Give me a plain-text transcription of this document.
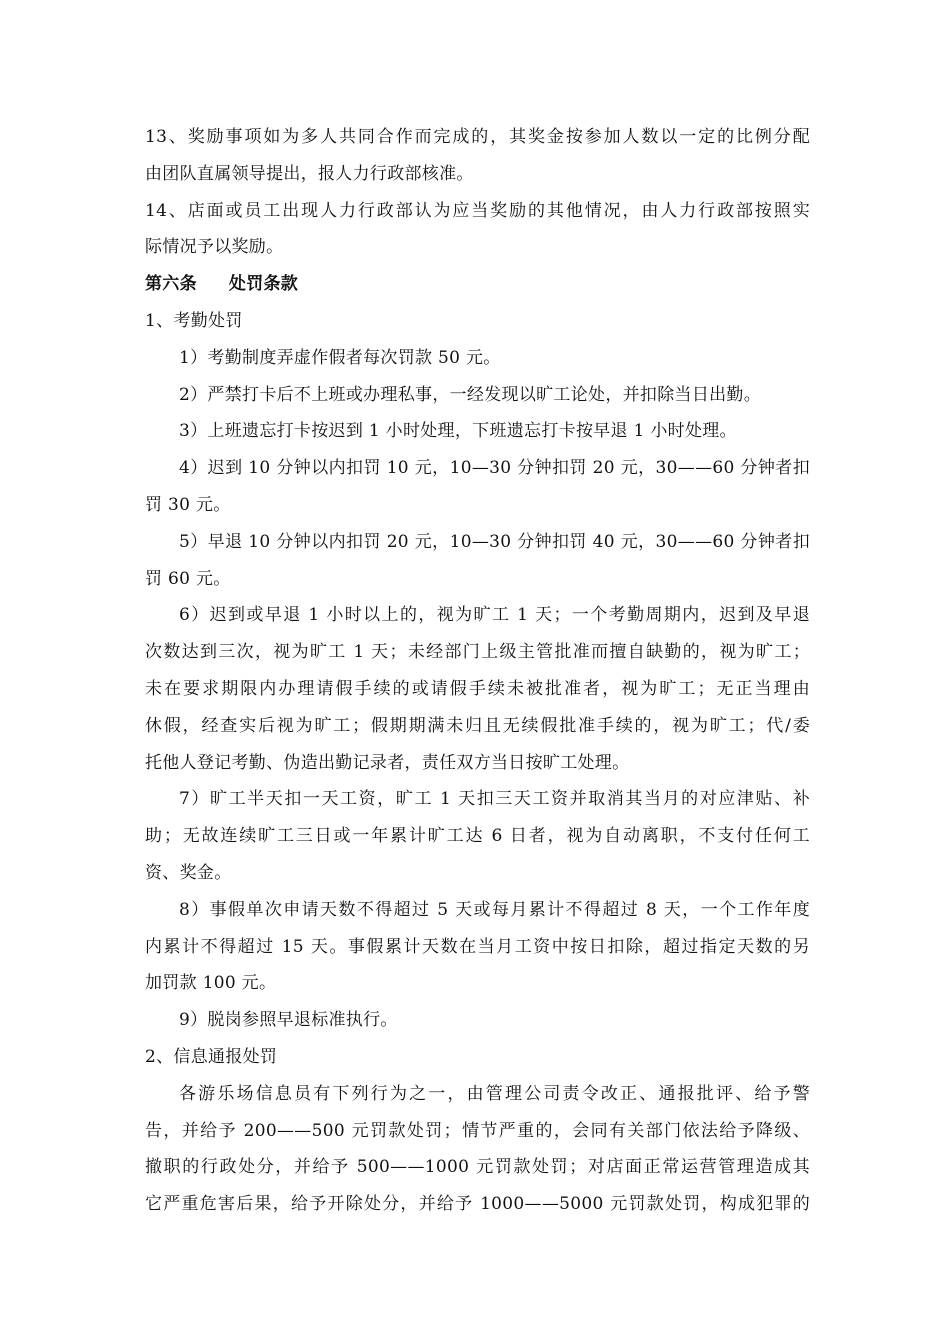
13、奖励事项如为多人共同合作而完成的，其奖金按参加人数以一定的比例分配
由团队直属领导提出，报人力行政部核准。
14、店面或员工出现人力行政部认为应当奖励的其他情况，由人力行政部按照实
际情况予以奖励。
第六条 处罚条款
1、考勤处罚
1）考勤制度弄虚作假者每次罚款 50 元。
2）严禁打卡后不上班或办理私事，一经发现以旷工论处，并扣除当日出勤。
3）上班遗忘打卡按迟到 1 小时处理，下班遗忘打卡按早退 1 小时处理。
4）迟到 10 分钟以内扣罚 10 元，10—30 分钟扣罚 20 元，30——60 分钟者扣
罚 30 元。
5）早退 10 分钟以内扣罚 20 元，10—30 分钟扣罚 40 元，30——60 分钟者扣
罚 60 元。
6）迟到或早退 1 小时以上的，视为旷工 1 天；一个考勤周期内，迟到及早退
次数达到三次，视为旷工 1 天；未经部门上级主管批准而擅自缺勤的，视为旷工；
未在要求期限内办理请假手续的或请假手续未被批准者，视为旷工；无正当理由
休假，经查实后视为旷工；假期期满未归且无续假批准手续的，视为旷工；代/委
托他人登记考勤、伪造出勤记录者，责任双方当日按旷工处理。
7）旷工半天扣一天工资，旷工 1 天扣三天工资并取消其当月的对应津贴、补
助；无故连续旷工三日或一年累计旷工达 6 日者，视为自动离职，不支付任何工
资、奖金。
8）事假单次申请天数不得超过 5 天或每月累计不得超过 8 天，一个工作年度
内累计不得超过 15 天。事假累计天数在当月工资中按日扣除，超过指定天数的另
加罚款 100 元。
9）脱岗参照早退标准执行。
2、信息通报处罚
各游乐场信息员有下列行为之一，由管理公司责令改正、通报批评、给予警
告，并给予 200——500 元罚款处罚；情节严重的，会同有关部门依法给予降级、
撤职的行政处分，并给予 500——1000 元罚款处罚；对店面正常运营管理造成其
它严重危害后果，给予开除处分，并给予 1000——5000 元罚款处罚，构成犯罪的
